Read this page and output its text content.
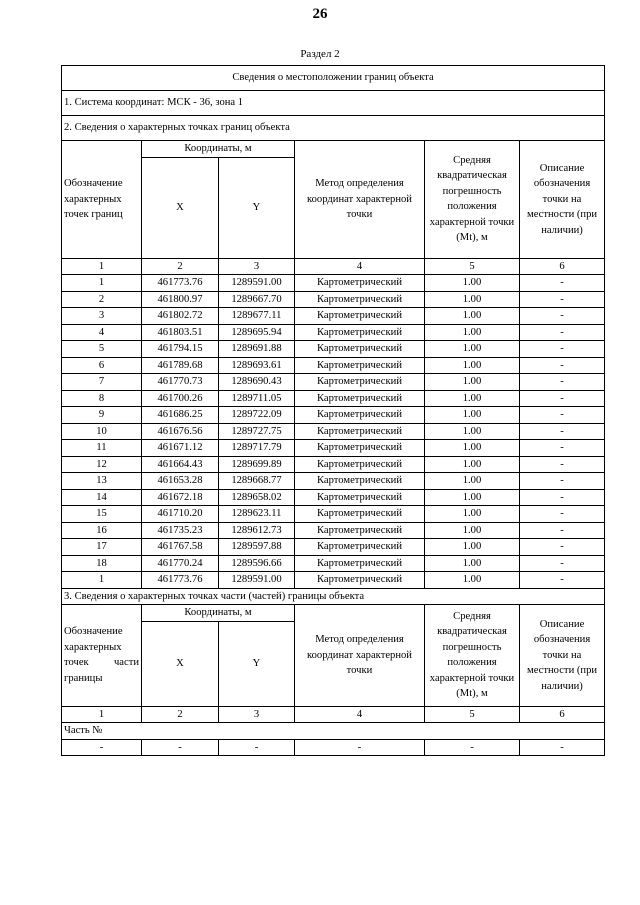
26
Раздел 2
Сведения о местоположении границ объекта					
1. Система координат: МСК - 36, зона 1					
2. Сведения о характерных точках границ объекта					
Обозначение характерных точек границ	Координаты, м		Метод определения координат характерной точки	Средняя квадратическая погрешность положения характерной точки (Mt), м	Описание обозначения точки на местности (при наличии)
	X	Y			
1	2	3	4	5	6
1	461773.76	1289591.00	Картометрический	1.00	-
2	461800.97	1289667.70	Картометрический	1.00	-
3	461802.72	1289677.11	Картометрический	1.00	-
4	461803.51	1289695.94	Картометрический	1.00	-
5	461794.15	1289691.88	Картометрический	1.00	-
6	461789.68	1289693.61	Картометрический	1.00	-
7	461770.73	1289690.43	Картометрический	1.00	-
8	461700.26	1289711.05	Картометрический	1.00	-
9	461686.25	1289722.09	Картометрический	1.00	-
10	461676.56	1289727.75	Картометрический	1.00	-
11	461671.12	1289717.79	Картометрический	1.00	-
12	461664.43	1289699.89	Картометрический	1.00	-
13	461653.28	1289668.77	Картометрический	1.00	-
14	461672.18	1289658.02	Картометрический	1.00	-
15	461710.20	1289623.11	Картометрический	1.00	-
16	461735.23	1289612.73	Картометрический	1.00	-
17	461767.58	1289597.88	Картометрический	1.00	-
18	461770.24	1289596.66	Картометрический	1.00	-
1	461773.76	1289591.00	Картометрический	1.00	-
3. Сведения о характерных точках части (частей) границы объекта					
Обозначение характерных точек части границы	Координаты, м		Метод определения координат характерной точки	Средняя квадратическая погрешность положения характерной точки (Mt), м	Описание обозначения точки на местности (при наличии)
	X	Y			
1	2	3	4	5	6
Часть №					
-	-	-	-	-	-
